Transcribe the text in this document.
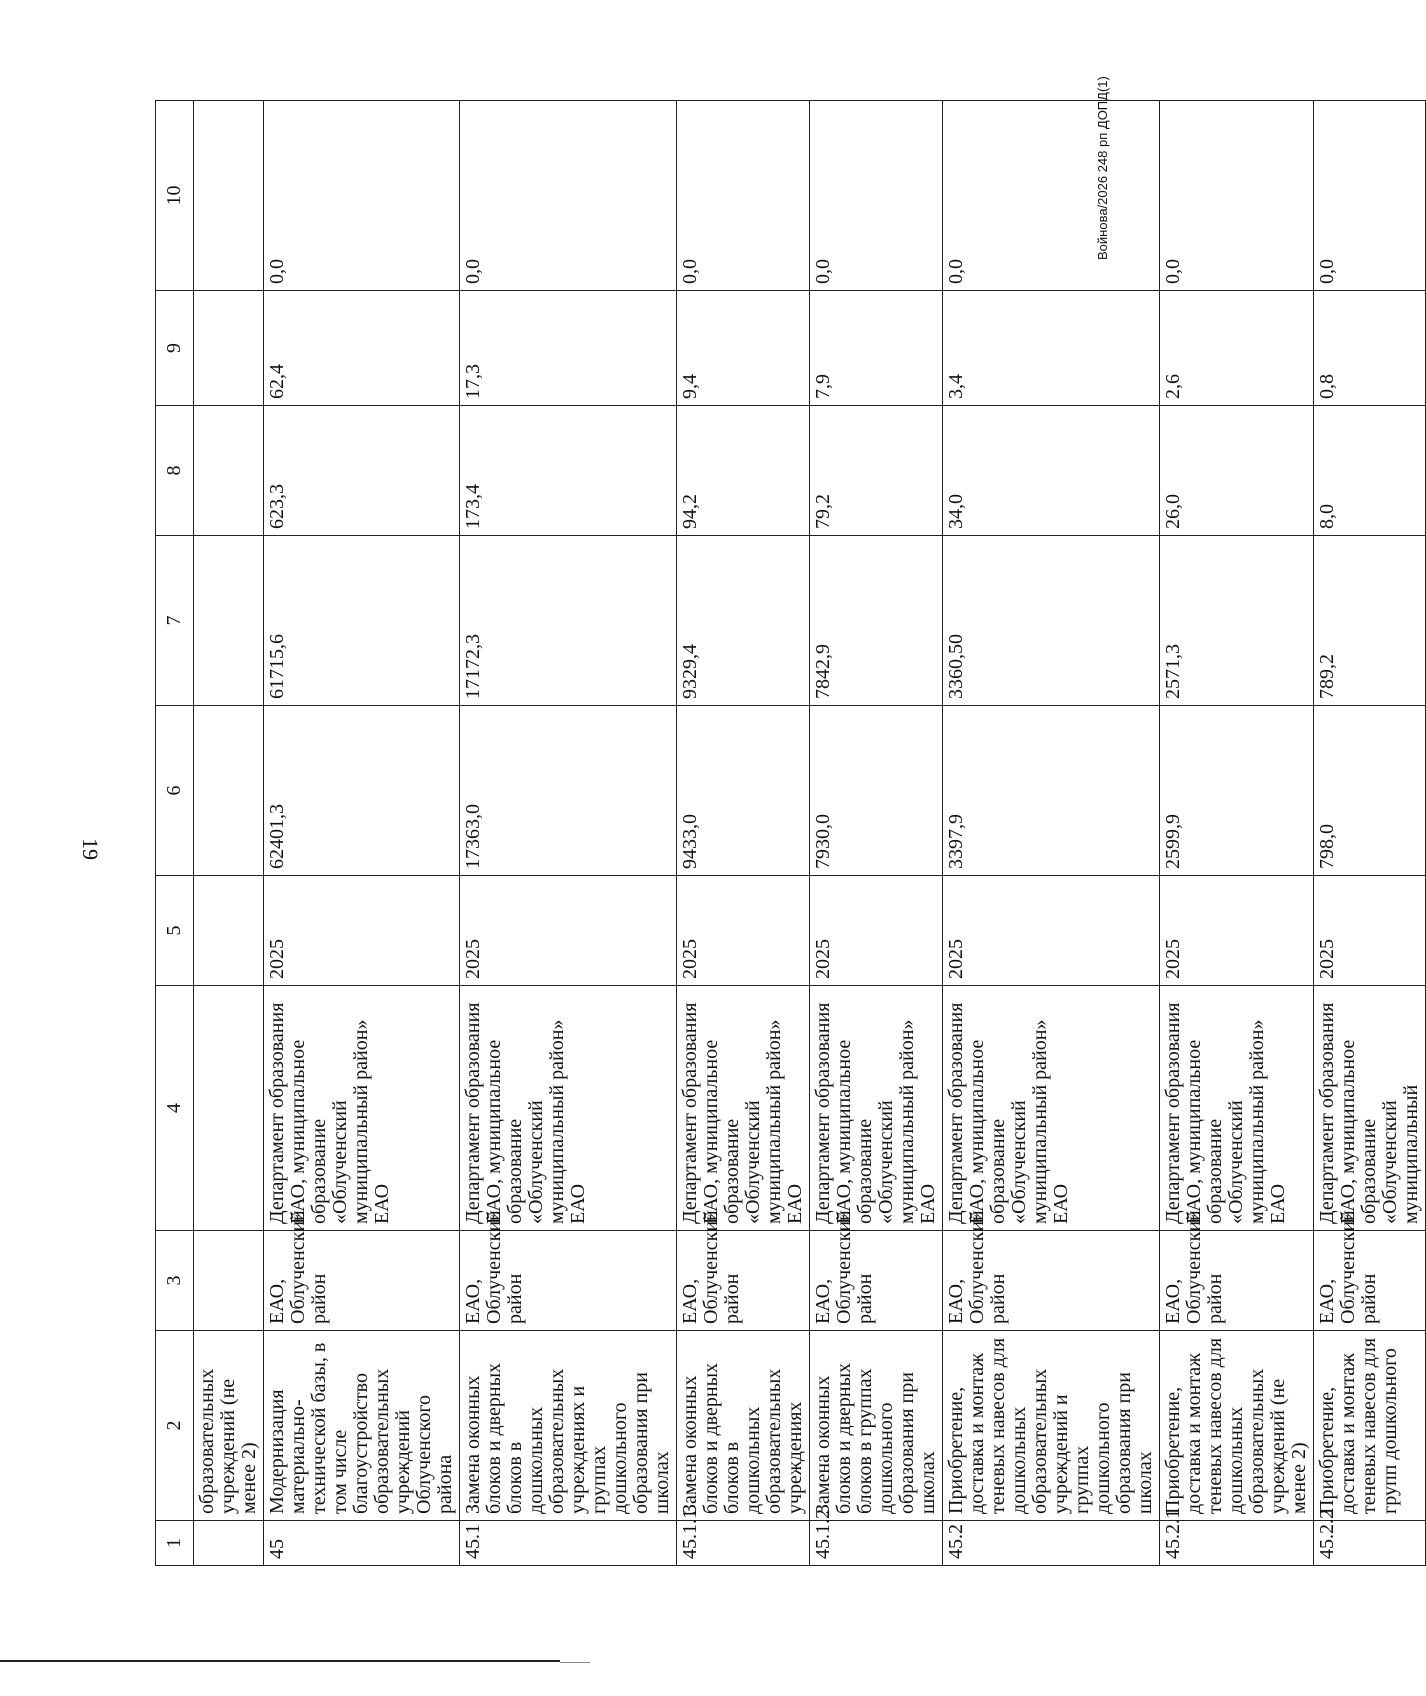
19
Войнова/2026 248 рп ДОПД(1)
1	2	3	4	5	6	7	8	9	10
	образовательных учреждений (не менее 2)								
45	Модернизация материально-технической базы, в том числе благоустройство образовательных учреждений Облученского района	ЕАО, Облученский район	Департамент образования ЕАО, муниципальное образование «Облученский муниципальный район» ЕАО	2025	62401,3	61715,6	623,3	62,4	0,0
45.1	Замена оконных блоков и дверных блоков в дошкольных образовательных учреждениях и группах дошкольного образования при школах	ЕАО, Облученский район	Департамент образования ЕАО, муниципальное образование «Облученский муниципальный район» ЕАО	2025	17363,0	17172,3	173,4	17,3	0,0
45.1.1	Замена оконных блоков и дверных блоков в дошкольных образовательных учреждениях	ЕАО, Облученский район	Департамент образования ЕАО, муниципальное образование «Облученский муниципальный район» ЕАО	2025	9433,0	9329,4	94,2	9,4	0,0
45.1.2	Замена оконных блоков и дверных блоков в группах дошкольного образования при школах	ЕАО, Облученский район	Департамент образования ЕАО, муниципальное образование «Облученский муниципальный район» ЕАО	2025	7930,0	7842,9	79,2	7,9	0,0
45.2	Приобретение, доставка и монтаж теневых навесов для дошкольных образовательных учреждений и группах дошкольного образования при школах	ЕАО, Облученский район	Департамент образования ЕАО, муниципальное образование «Облученский муниципальный район» ЕАО	2025	3397,9	3360,50	34,0	3,4	0,0
45.2.1	Приобретение, доставка и монтаж теневых навесов для дошкольных образовательных учреждений (не менее 2)	ЕАО, Облученский район	Департамент образования ЕАО, муниципальное образование «Облученский муниципальный район» ЕАО	2025	2599,9	2571,3	26,0	2,6	0,0
45.2.2	Приобретение, доставка и монтаж теневых навесов для групп дошкольного	ЕАО, Облученский район	Департамент образования ЕАО, муниципальное образование «Облученский муниципальный	2025	798,0	789,2	8,0	0,8	0,0
